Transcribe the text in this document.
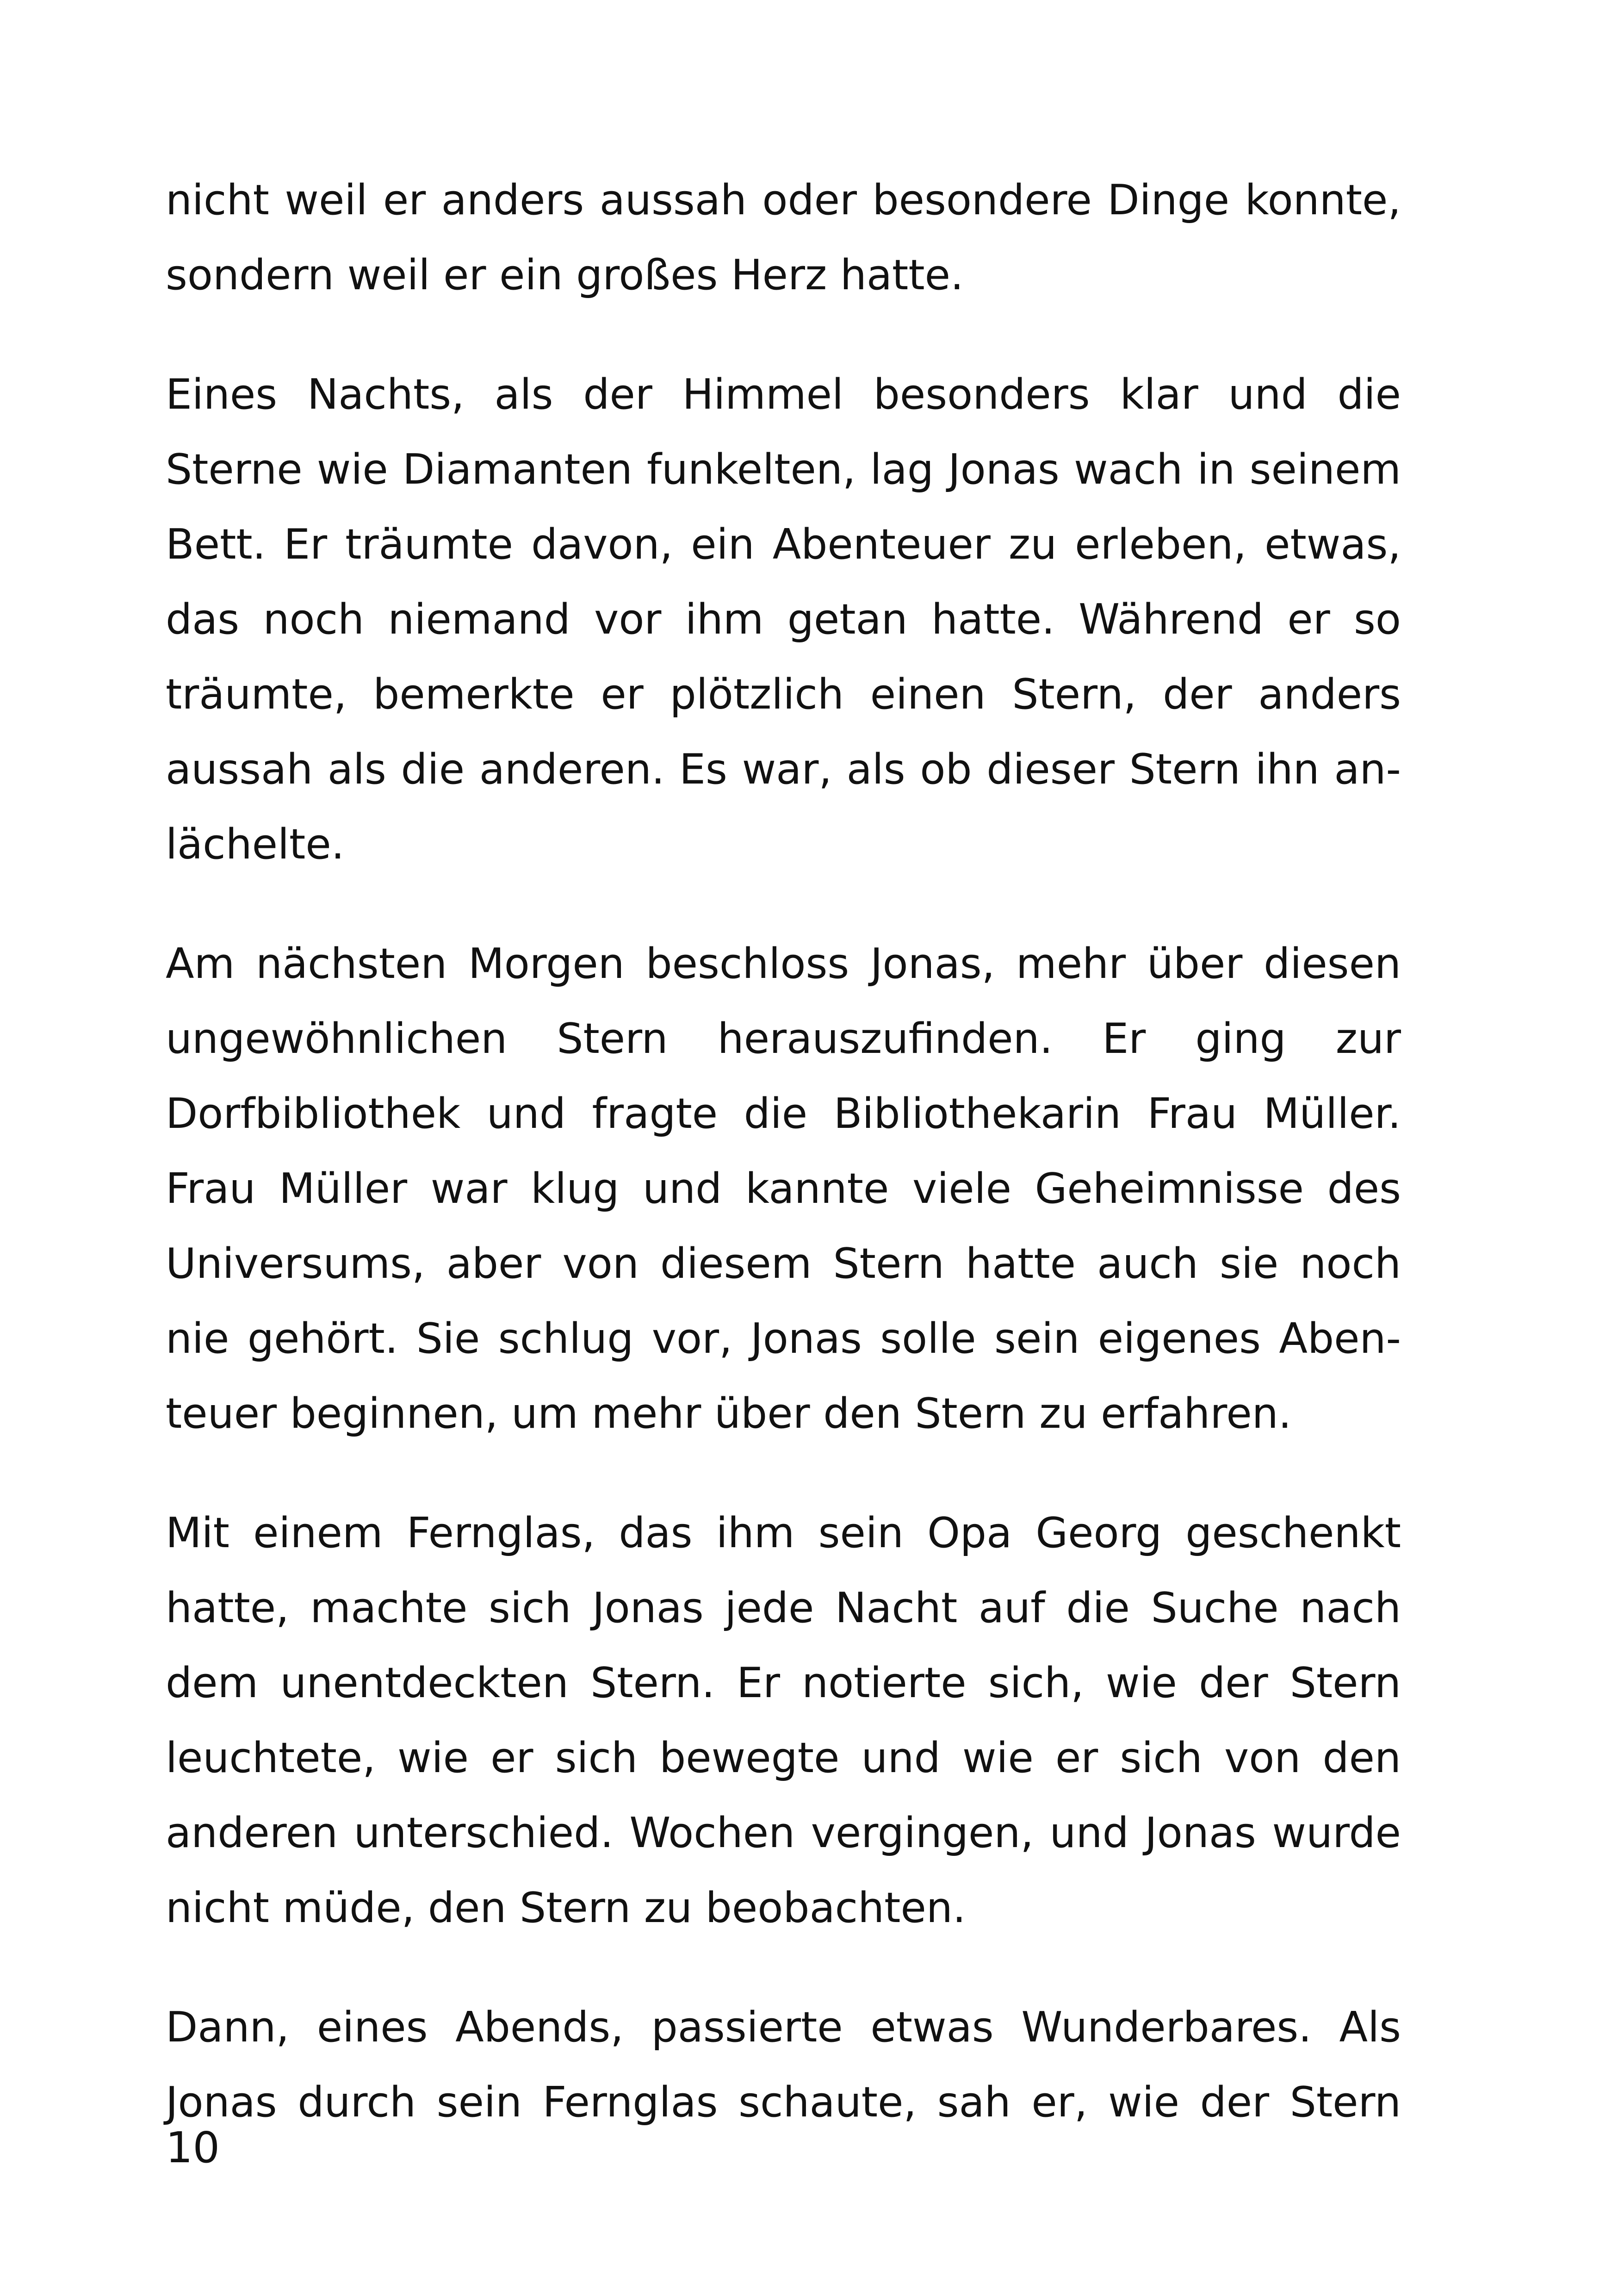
nicht weil er anders aussah oder besondere Dinge konnte,
sondern weil er ein großes Herz hatte.
Eines Nachts, als der Himmel besonders klar und die
Sterne wie Diamanten funkelten, lag Jonas wach in seinem
Bett. Er träumte davon, ein Abenteuer zu erleben, etwas,
das noch niemand vor ihm getan hatte. Während er so
träumte, bemerkte er plötzlich einen Stern, der anders
aussah als die anderen. Es war, als ob dieser Stern ihn an-
lächelte.
Am nächsten Morgen beschloss Jonas, mehr über diesen
ungewöhnlichen Stern herauszufinden. Er ging zur
Dorfbibliothek und fragte die Bibliothekarin Frau Müller.
Frau Müller war klug und kannte viele Geheimnisse des
Universums, aber von diesem Stern hatte auch sie noch
nie gehört. Sie schlug vor, Jonas solle sein eigenes Aben-
teuer beginnen, um mehr über den Stern zu erfahren.
Mit einem Fernglas, das ihm sein Opa Georg geschenkt
hatte, machte sich Jonas jede Nacht auf die Suche nach
dem unentdeckten Stern. Er notierte sich, wie der Stern
leuchtete, wie er sich bewegte und wie er sich von den
anderen unterschied. Wochen vergingen, und Jonas wurde
nicht müde, den Stern zu beobachten.
Dann, eines Abends, passierte etwas Wunderbares. Als
Jonas durch sein Fernglas schaute, sah er, wie der Stern
10
